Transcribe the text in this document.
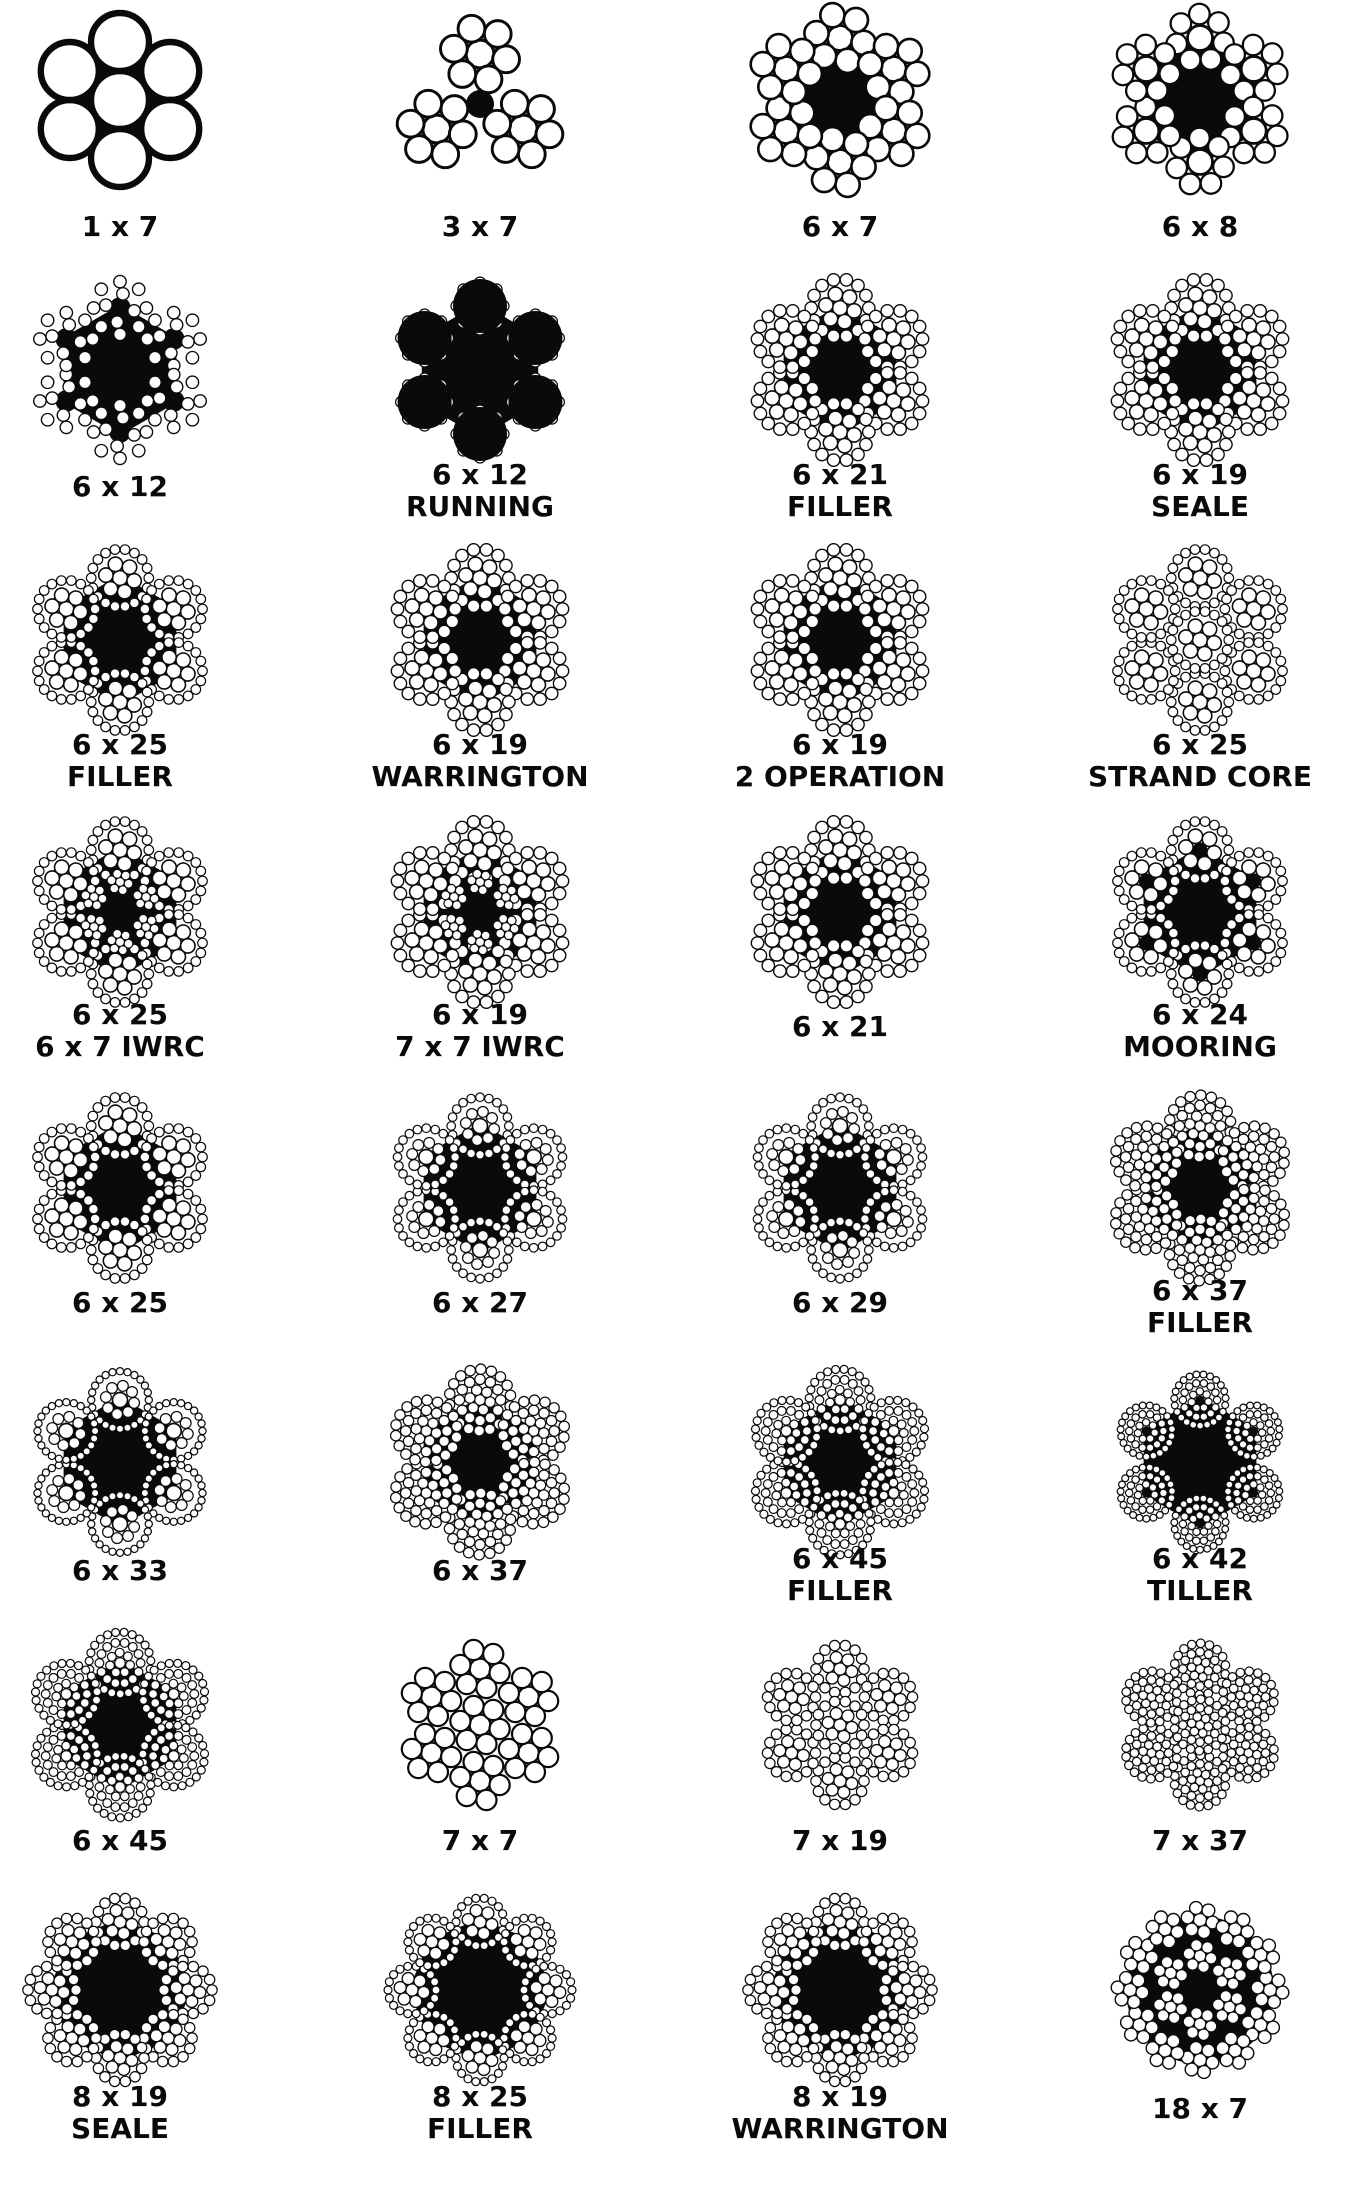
1 x 7	3 x 7	6 x 7	6 x 8
6 x 12	6 x 12
RUNNING
6 x 21
FILLER
6 x 19
SEALE
6 x 25
FILLER
6 x 19
WARRINGTON
6 x 19
2 OPERATION
6 x 25
STRAND CORE
6 x 25
6 x 7 IWRC
6 x 19
7 x 7 IWRC
6 x 21	6 x 24
MOORING
6 x 25	6 x 27	6 x 29	6 x 37
FILLER
6 x 33	6 x 37	6 x 45
FILLER
6 x 42
TILLER
6 x 45	7 x 7	7 x 19	7 x 37
8 x 19
SEALE
8 x 25
FILLER
8 x 19
WARRINGTON
18 x 7
